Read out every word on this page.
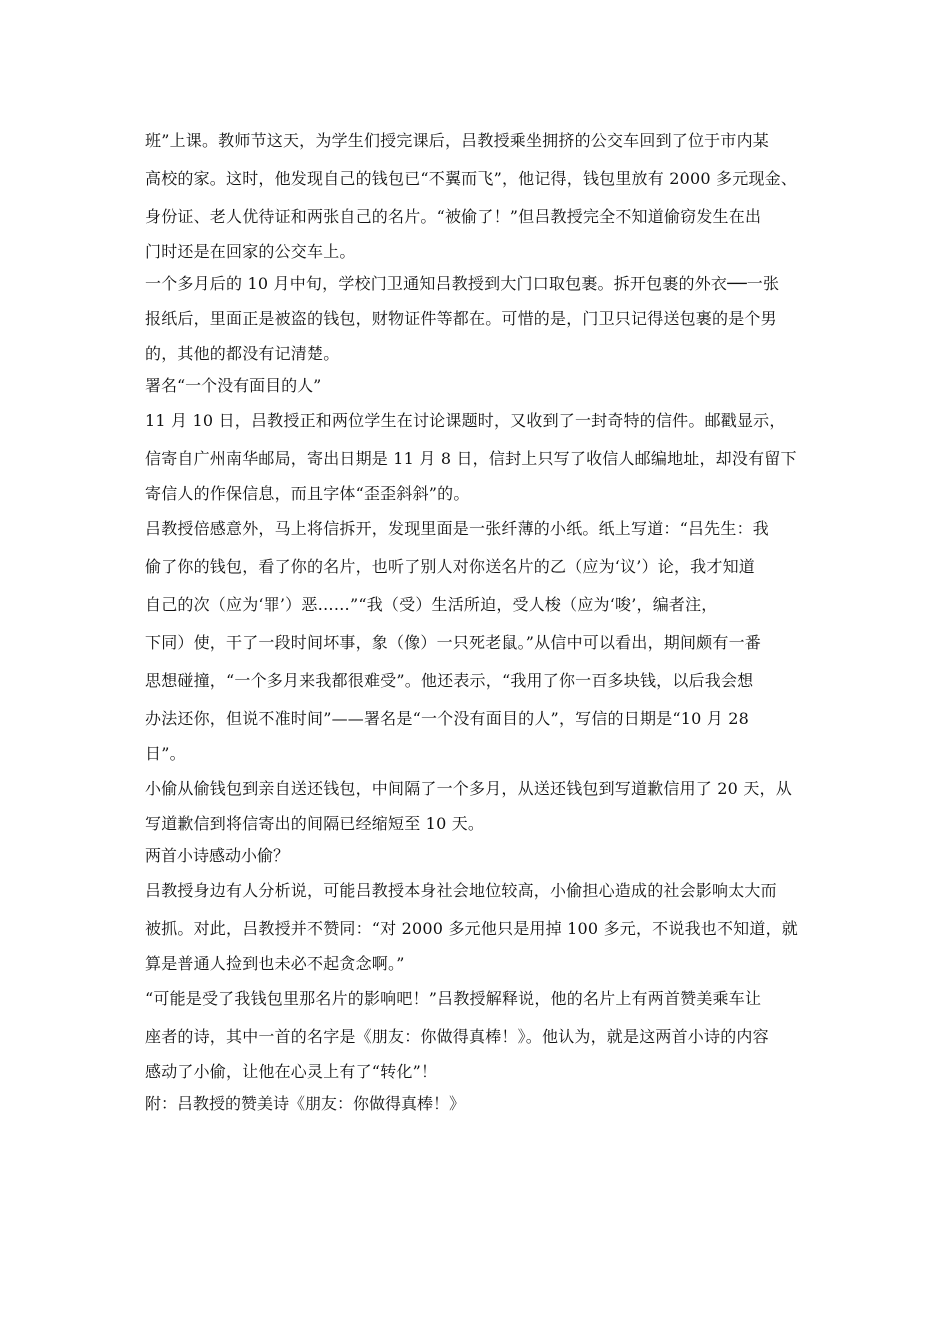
班”上课。教师节这天，为学生们授完课后，吕教授乘坐拥挤的公交车回到了位于市内某

高校的家。这时，他发现自己的钱包已“不翼而飞”，他记得，钱包里放有 2000 多元现金、

身份证、老人优待证和两张自己的名片。“被偷了！”但吕教授完全不知道偷窃发生在出

门时还是在回家的公交车上。

一个多月后的 10 月中旬，学校门卫通知吕教授到大门口取包裹。拆开包裹的外衣──一张

报纸后，里面正是被盗的钱包，财物证件等都在。可惜的是，门卫只记得送包裹的是个男

的，其他的都没有记清楚。

署名“一个没有面目的人”

11 月 10 日，吕教授正和两位学生在讨论课题时，又收到了一封奇特的信件。邮戳显示，

信寄自广州南华邮局，寄出日期是 11 月 8 日，信封上只写了收信人邮编地址，却没有留下

寄信人的作保信息，而且字体“歪歪斜斜”的。

吕教授倍感意外，马上将信拆开，发现里面是一张纤薄的小纸。纸上写道：“吕先生：我

偷了你的钱包，看了你的名片，也听了别人对你送名片的乙（应为‘议’）论，我才知道

自己的次（应为‘罪’）恶……”“我（受）生活所迫，受人梭（应为‘唆’，编者注，

下同）使，干了一段时间坏事，象（像）一只死老鼠。”从信中可以看出，期间颇有一番

思想碰撞，“一个多月来我都很难受”。他还表示，“我用了你一百多块钱，以后我会想

办法还你，但说不准时间”——署名是“一个没有面目的人”，写信的日期是“10 月 28

日”。

小偷从偷钱包到亲自送还钱包，中间隔了一个多月，从送还钱包到写道歉信用了 20 天，从

写道歉信到将信寄出的间隔已经缩短至 10 天。

两首小诗感动小偷？

吕教授身边有人分析说，可能吕教授本身社会地位较高，小偷担心造成的社会影响太大而

被抓。对此，吕教授并不赞同：“对 2000 多元他只是用掉 100 多元，不说我也不知道，就

算是普通人捡到也未必不起贪念啊。”

“可能是受了我钱包里那名片的影响吧！”吕教授解释说，他的名片上有两首赞美乘车让

座者的诗，其中一首的名字是《朋友：你做得真棒！》。他认为，就是这两首小诗的内容

感动了小偷，让他在心灵上有了“转化”！

附：吕教授的赞美诗《朋友：你做得真棒！》
